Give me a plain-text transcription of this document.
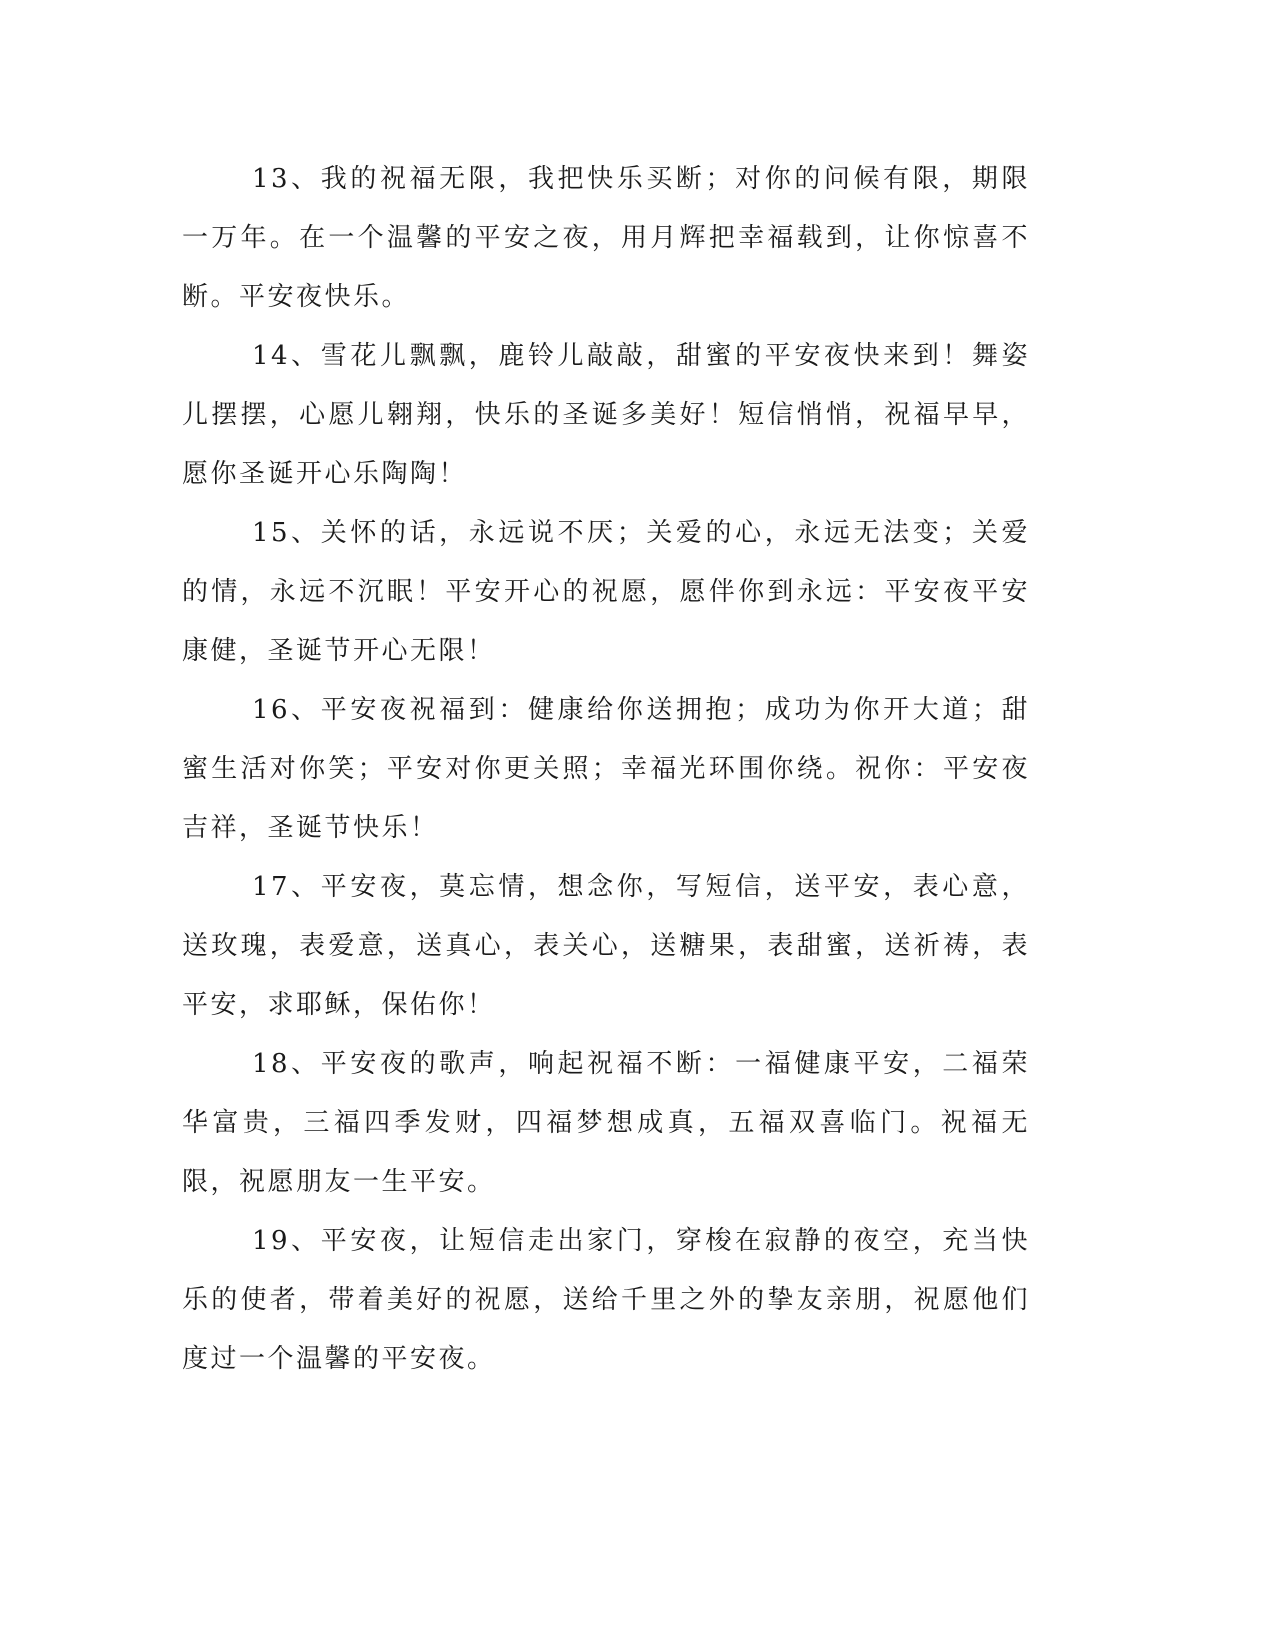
13、我的祝福无限，我把快乐买断；对你的问候有限，期限一万年。在一个温馨的平安之夜，用月辉把幸福载到，让你惊喜不断。平安夜快乐。

14、雪花儿飘飘，鹿铃儿敲敲，甜蜜的平安夜快来到！舞姿儿摆摆，心愿儿翱翔，快乐的圣诞多美好！短信悄悄，祝福早早，愿你圣诞开心乐陶陶！

15、关怀的话，永远说不厌；关爱的心，永远无法变；关爱的情，永远不沉眠！平安开心的祝愿，愿伴你到永远：平安夜平安康健，圣诞节开心无限！

16、平安夜祝福到：健康给你送拥抱；成功为你开大道；甜蜜生活对你笑；平安对你更关照；幸福光环围你绕。祝你：平安夜吉祥，圣诞节快乐！

17、平安夜，莫忘情，想念你，写短信，送平安，表心意，送玫瑰，表爱意，送真心，表关心，送糖果，表甜蜜，送祈祷，表平安，求耶稣，保佑你！

18、平安夜的歌声，响起祝福不断：一福健康平安，二福荣华富贵，三福四季发财，四福梦想成真，五福双喜临门。祝福无限，祝愿朋友一生平安。

19、平安夜，让短信走出家门，穿梭在寂静的夜空，充当快乐的使者，带着美好的祝愿，送给千里之外的挚友亲朋，祝愿他们度过一个温馨的平安夜。
